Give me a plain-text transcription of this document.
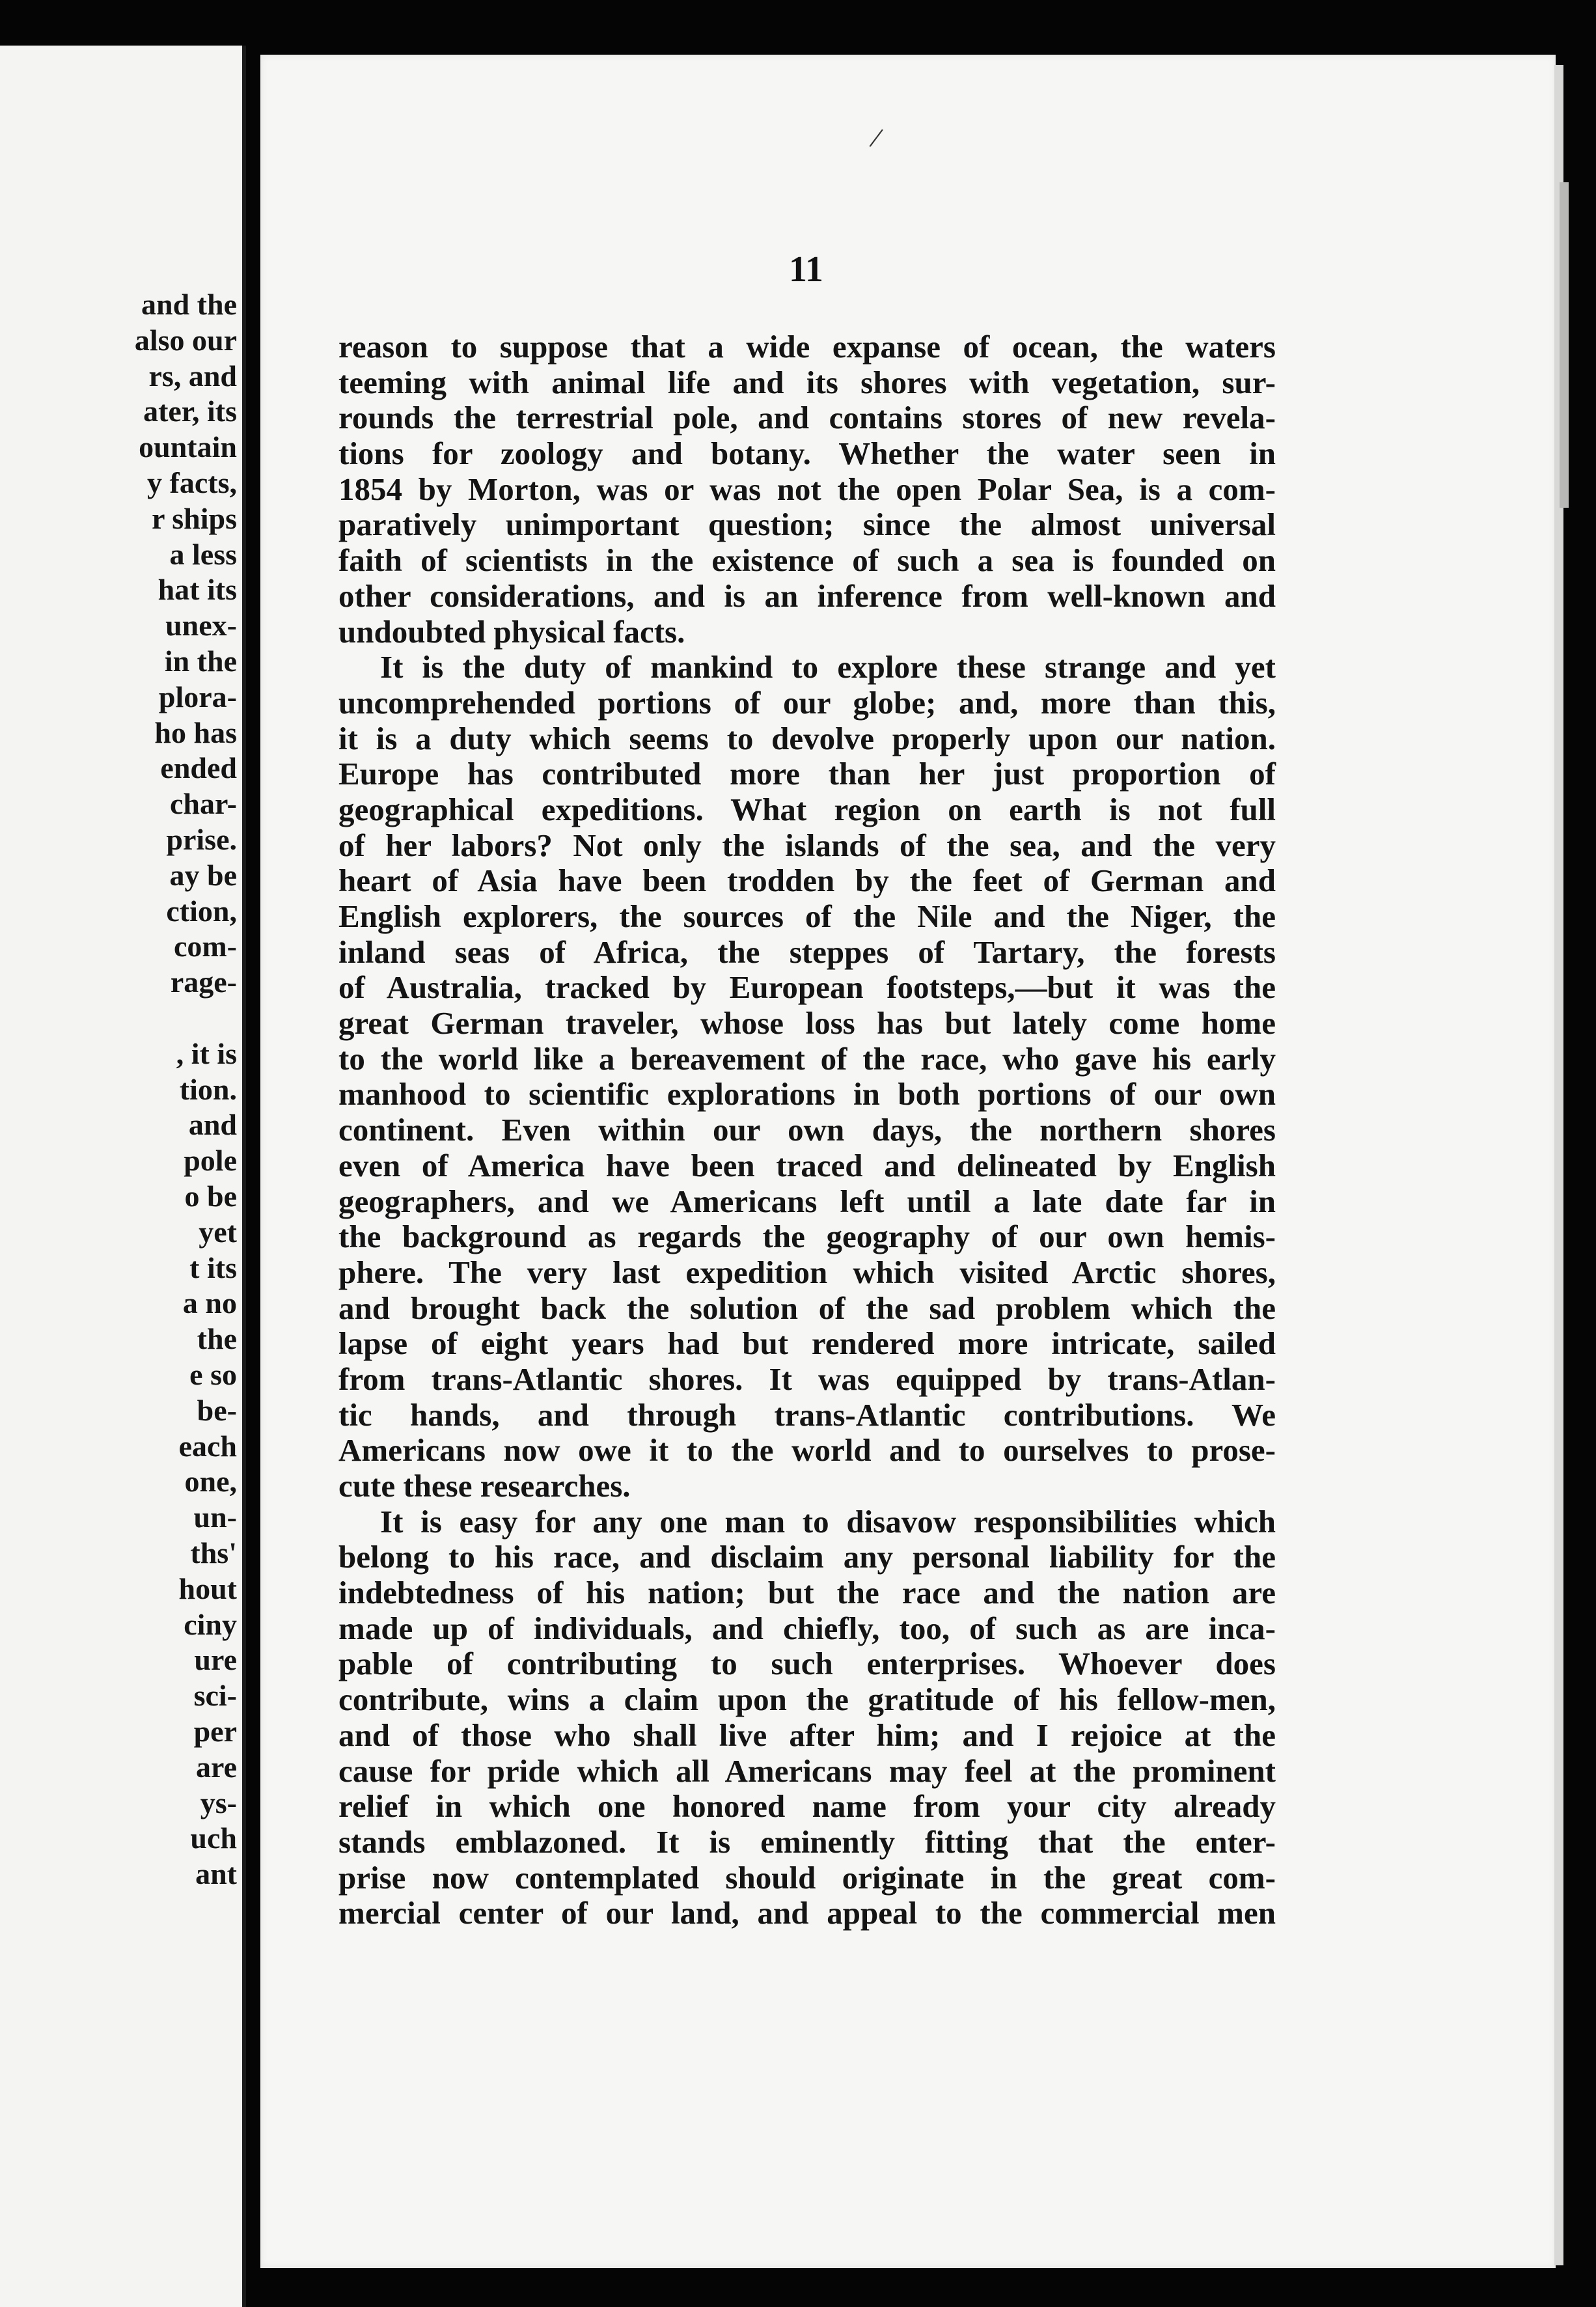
and the
also our
rs, and
ater, its
ountain
y facts,
r ships
a less
hat its
unex-
in the
plora-
ho has
ended
char-
prise.
ay be
ction,
com-
rage-
, it is
tion.
and
pole
o be
yet
t its
a no
the
e so
be-
each
one,
un-
ths'
hout
ciny
ure
sci-
per
are
ys-
uch
ant
/
11
reason to suppose that a wide expanse of ocean, the waters
teeming with animal life and its shores with vegetation, sur-
rounds the terrestrial pole, and contains stores of new revela-
tions for zoology and botany. Whether the water seen in
1854 by Morton, was or was not the open Polar Sea, is a com-
paratively unimportant question; since the almost universal
faith of scientists in the existence of such a sea is founded on
other considerations, and is an inference from well-known and
undoubted physical facts.
It is the duty of mankind to explore these strange and yet
uncomprehended portions of our globe; and, more than this,
it is a duty which seems to devolve properly upon our nation.
Europe has contributed more than her just proportion of
geographical expeditions. What region on earth is not full
of her labors? Not only the islands of the sea, and the very
heart of Asia have been trodden by the feet of German and
English explorers, the sources of the Nile and the Niger, the
inland seas of Africa, the steppes of Tartary, the forests
of Australia, tracked by European footsteps,—but it was the
great German traveler, whose loss has but lately come home
to the world like a bereavement of the race, who gave his early
manhood to scientific explorations in both portions of our own
continent. Even within our own days, the northern shores
even of America have been traced and delineated by English
geographers, and we Americans left until a late date far in
the background as regards the geography of our own hemis-
phere. The very last expedition which visited Arctic shores,
and brought back the solution of the sad problem which the
lapse of eight years had but rendered more intricate, sailed
from trans-Atlantic shores. It was equipped by trans-Atlan-
tic hands, and through trans-Atlantic contributions. We
Americans now owe it to the world and to ourselves to prose-
cute these researches.
It is easy for any one man to disavow responsibilities which
belong to his race, and disclaim any personal liability for the
indebtedness of his nation; but the race and the nation are
made up of individuals, and chiefly, too, of such as are inca-
pable of contributing to such enterprises. Whoever does
contribute, wins a claim upon the gratitude of his fellow-men,
and of those who shall live after him; and I rejoice at the
cause for pride which all Americans may feel at the prominent
relief in which one honored name from your city already
stands emblazoned. It is eminently fitting that the enter-
prise now contemplated should originate in the great com-
mercial center of our land, and appeal to the commercial men
